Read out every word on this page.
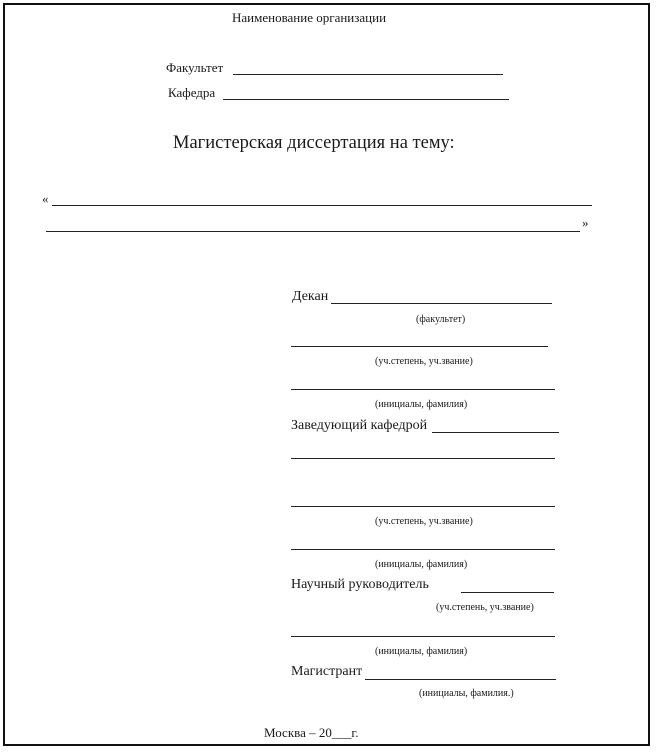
Наименование организации
Факультет
Кафедра
Магистерская диссертация на тему:
«
»
Декан
(факультет)
(уч.степень, уч.звание)
(инициалы, фамилия)
Заведующий кафедрой
(уч.степень, уч.звание)
(инициалы, фамилия)
Научный руководитель
(уч.степень, уч.звание)
(инициалы, фамилия)
Магистрант
(инициалы, фамилия.)
Москва – 20___г.
